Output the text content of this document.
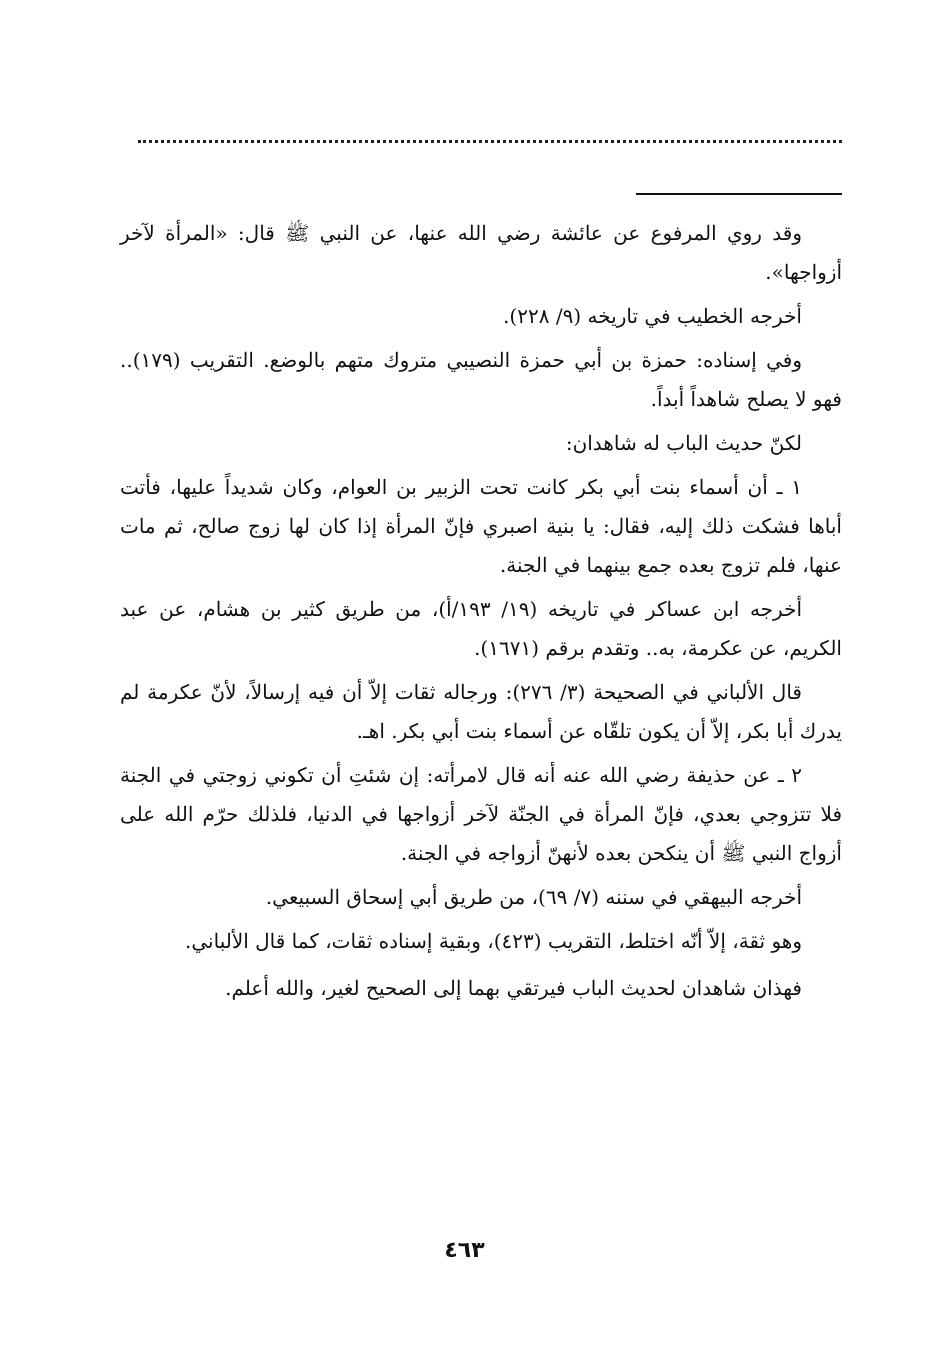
وقد روي المرفوع عن عائشة رضي الله عنها، عن النبي ﷺ قال: «المرأة لآخر أزواجها».

أخرجه الخطيب في تاريخه (٩/ ٢٢٨).

وفي إسناده: حمزة بن أبي حمزة النصيبي متروك متهم بالوضع. التقريب (١٧٩).. فهو لا يصلح شاهداً أبداً.

لكنّ حديث الباب له شاهدان:

١ ـ أن أسماء بنت أبي بكر كانت تحت الزبير بن العوام، وكان شديداً عليها، فأتت أباها فشكت ذلك إليه، فقال: يا بنية اصبري فإنّ المرأة إذا كان لها زوج صالح، ثم مات عنها، فلم تزوج بعده جمع بينهما في الجنة.

أخرجه ابن عساكر في تاريخه (١٩/ ١٩٣/أ)، من طريق كثير بن هشام، عن عبد الكريم، عن عكرمة، به.. وتقدم برقم (١٦٧١).

قال الألباني في الصحيحة (٣/ ٢٧٦): ورجاله ثقات إلاّ أن فيه إرسالاً، لأنّ عكرمة لم يدرك أبا بكر، إلاّ أن يكون تلقّاه عن أسماء بنت أبي بكر. اهـ.

٢ ـ عن حذيفة رضي الله عنه أنه قال لامرأته: إن شئتِ أن تكوني زوجتي في الجنة فلا تتزوجي بعدي، فإنّ المرأة في الجنّة لآخر أزواجها في الدنيا، فلذلك حرّم الله على أزواج النبي ﷺ أن ينكحن بعده لأنهنّ أزواجه في الجنة.

أخرجه البيهقي في سننه (٧/ ٦٩)، من طريق أبي إسحاق السبيعي.

وهو ثقة، إلاّ أنّه اختلط، التقريب (٤٢٣)، وبقية إسناده ثقات، كما قال الألباني.

فهذان شاهدان لحديث الباب فيرتقي بهما إلى الصحيح لغير، والله أعلم.

٤٦٣
